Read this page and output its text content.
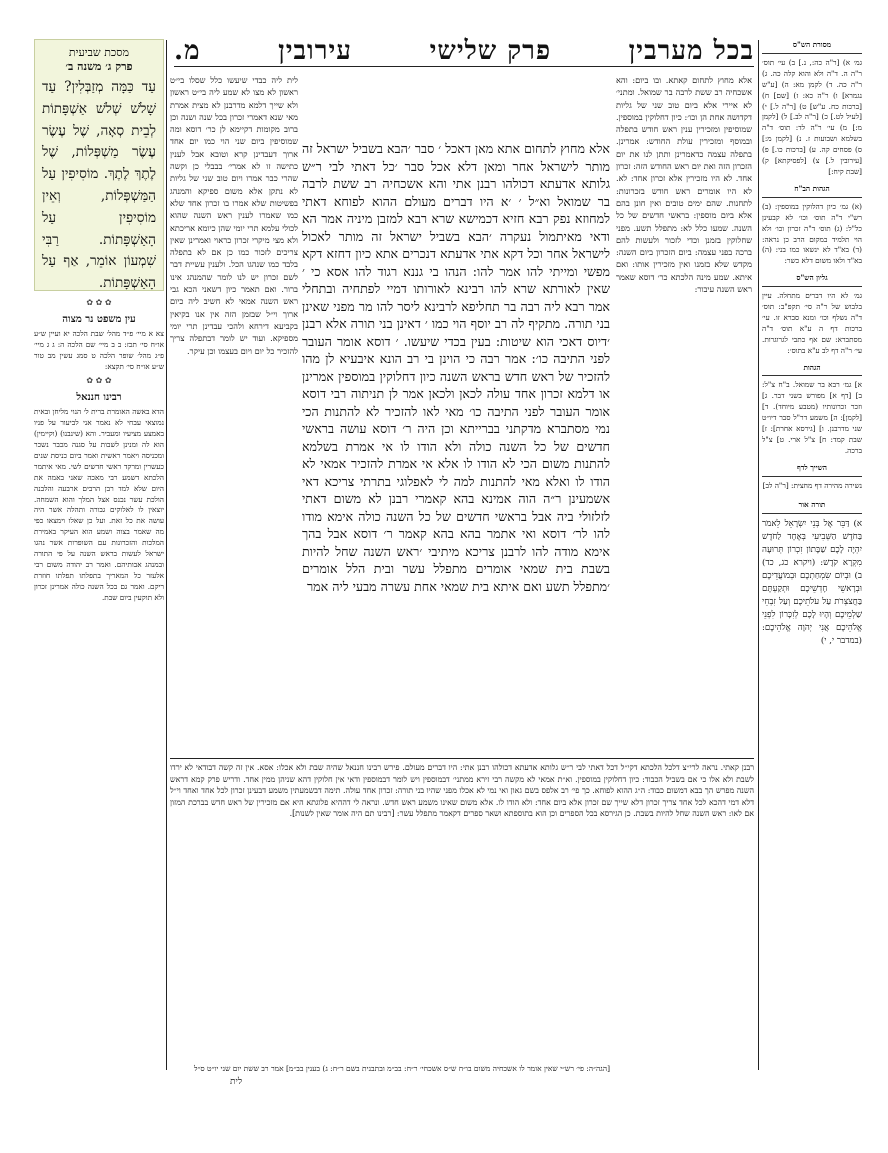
בכל מערבין
פרק שלישי
עירובין
מ.	מסורת הש"ס
גמ׳ א) [ר"ה כה:, נ.] ב) עי׳ תוס׳ ר"ה ה. ד"ה ולא והוא קלה כה. ג) ר"ה כה. ד) לקמן מא: ה) [ע"ש נגמרא] ו) ר"ה כא: ז) [שם] ח) [ברכות כח. ע"ש] ט) [ר"ה ל.] י) [לעיל לט.] כ) [ר"ה לב.] ל) [לקמן מ:] מ) עי׳ ר"ה לד: תוס׳ ד"ה בשלמא ושבועות ז. נ) [לקמן מ:] ס) פסחים קה. ע) [ברכות כו.] פ) [עירובין ל.] צ) [לפסיקתא] ק) [שבת קיח:]
הגהות הב"ח
(א) גמ׳ כיון דהלוקין במוספין: (ב) רש"י ד"ה תוס׳ וכו׳ לא קבעינן כל"ל: (ג) תוס׳ ד"ה זכרון וכו׳ ולא הוי תלמיד במקום הרב כן נראה: (ד) בא"ד לא ינשאו כמו בני: (ה) בא"ד ולאו משום דלא כשר:
גליון הש"ס
גמ׳ לא היו דברים מתחלה. עיין בלבוש של ר"ה סי׳ תקפ"ב: תוס׳ ד"ה נשלף וכו׳ ומנא סברא זו. עי׳ ברכות דף ה ע"א תוס׳ ד"ה מסתברא: שם אף כתבי לגרוגרות. עי׳ ר"ה דף לב ע"א בתוס׳:
הגהות
א] גמ׳ רבא בר שמואל. ב"ח צ"ל: ב] [דף א] מפורש בשני דבר. ג] וזכר זכרונותיו (מטבע מיוחד). ד] [לקמן]: ה] משמע דר"ל סבר דיו״ט שני מדרבנן. ו] [גירסא אחרת]: ז] שבת קמד: ח] צ"ל ארי. ט] צ"ל ברכה.
השייך לדף
נשירה מהירה דף מחצית: [ר"ה לב]
תורה אור
א) דַּבֵּר אֶל בְּנֵי יִשְׂרָאֵל לֵאמֹר בַּחֹדֶשׁ הַשְּׁבִיעִי בְּאֶחָד לַחֹדֶשׁ יִהְיֶה לָכֶם שַׁבָּתוֹן זִכְרוֹן תְּרוּעָה מִקְרָא קֹדֶשׁ: (ויקרא כג, כד) ב) וּבְיוֹם שִׂמְחַתְכֶם וּבְמוֹעֲדֵיכֶם וּבְרָאשֵׁי חָדְשֵׁיכֶם וּתְקַעְתֶּם בַּחֲצֹצְרֹת עַל עֹלֹתֵיכֶם וְעַל זִבְחֵי שַׁלְמֵיכֶם וְהָיוּ לָכֶם לְזִכָּרוֹן לִפְנֵי אֱלֹהֵיכֶם אֲנִי יְהֹוָה אֱלֹהֵיכֶם: (במדבר י, י)
אלא מחוץ לתחום קאתא. ובו ביום: והא אשכחיה רב ששת לרבה בר שמואל. ומתני׳ לא איירי אלא ביום טוב שני של גליות דקדושה אחת הן וכו׳: כיון דחלוקין במוספין. שמוסיפין ומזכירין ענין ראש חודש בתפלה ובמוסף ומזכירין עולת החודש: אמרינן. בתפלה עצמה כדאמרינן ותתן לנו את יום הזכרון הזה ואת יום ראש החודש הזה: זכרון אחד. לא היו מזכירין אלא זכרון אחד: לא. לא היו אומרים ראש חודש בזכרונות: לתחנות. שהם ימים טובים ואין חונן בהם אלא ביום מוספין: בראשי חדשים של כל השנה. שמעו כלל לא: מתפלל תשע. מפני שחלוקין בזמנן וכדי לזכור ולעשות להם ברכה בפני עצמה: ביום הזכרון ביום השנה: מקדש שלא בזמנו ואין מזכירין אותו: ואם איתא. שמע מינה הלכתא כר׳ דוסא שאמר ראש השנה עיבור:
לית ליה כבדי שיעשו כלל שסלו בי״ט ראשון לא מצו לא שמע ליה בי״ט ראשון ולא שייך דלמא מדרבנן לא מצית אמרת מאי שנא דאמרי זכרון בכל שנה ושנה וכן ברוב מקומות דקיימא לן כר׳ דוסא ומה שמוסיפין ביום שני הוי כמו יום אחד ארוך דעבדינן קרא וטובא אבל לענין כתישה זו לא אמרי׳ בבבלי כן וקשה שהרי כבר אמרו ויום טוב שני של גליות לא נתקן אלא משום ספיקא והמנהג בפשיטות שלא אמרו בו זכרון אחד שלא כמו שאמרו לענין ראש השנה שהוא לכולי עלמא תרי יומי שהן כיומא אריכתא ולא מצי מיקרי זכרון כראוי ואמרינן שאין צריכים לזכור כמו כן אם לא בתפלה בלבד כמו שנהגו הכל. ולענין עשיית דבר לשם זכרון יש לנו לומר שהמנהג אינו ברור. ואם תאמר כיון דשאני הכא גבי ראש השנה אמאי לא חשיב ליה כיום ארוך וי״ל שבזמן הזה אין אנו בקיאין בקביעא דירחא ולהכי עבדינן תרי יומי מספיקא. ועוד יש לומר דבתפלה צריך להזכיר כל יום ויום בעצמו וכן עיקר.
אלא מחוץ לתחום אתא מאן דאכל ׳ סבר ׳הבא בשביל ישראל זה מותר לישראל אחר ומאן דלא אכל סבר ׳כל דאתי לבי ר״ש גלותא אדעתא דכולהו רבנן אתי והא אשכחיה רב ששת לרבה בר שמואל וא״ל ׳ ׳א היו דברים מעולם ההוא לפוחא דאתי למחוזא נפק רבא חזיא דכמישא שרא רבא למזבן מיניה אמר הא ודאי מאיתמול נעקרה ׳הבא בשביל ישראל זה מותר לאכול לישראל אחר וכל דקא אתי אדעתא דנכרים אתא כיון דחזא דקא מפשי ומייתי להו אמר להו: הנהו בי גננא רגוד להו אסא כי ׳ שאין לאורתא שרא להו רבינא לאורותו דמיי לפתחיה ובתחלי אמר רבא ליה רבה בר תחליפא לרבינא ליסר להו מר מפני שאינן בני תורה. מתקיף לה רב יוסף הוי כמו ׳ דאינן בני תורה אלא רבנן ׳דיוס דאכי הוא שיטות: בעין בכדי שיעשו. ׳ דוסא אומר העובר לפני התיבה כו׳: אמר רבה כי הוינן בי רב הונא איבעיא לן מהו להזכיר של ראש חדש בראש השנה כיון דחלוקין במוספין אמרינן או דלמא זכרון אחד עולה לכאן ולכאן אמר לן תניתוה רבי דוסא אומר העובר לפני התיבה כו׳ מאי לאו להזכיר לא להתנות הכי נמי מסתברא מדקתני בברייתא וכן היה ר׳ דוסא עושה בראשי חדשים של כל השנה כולה ולא הודו לו אי אמרת בשלמא להתנות משום הכי לא הודו לו אלא אי אמרת להזכיר אמאי לא הודו לו ואלא מאי להתנות למה לי לאפלוגי בתרתי צריכא דאי אשמעינן ר״ה הוה אמינא בהא קאמרי רבנן לא משום דאתי לזלזולי ביה אבל בראשי חדשים של כל השנה כולה אימא מודו להו לר׳ דוסא ואי אתמר בהא בהא קאמר ר׳ דוסא אבל בהך אימא מודה להו לרבנן צריכא מיתיבי ׳ראש השנה שחל להיות בשבת בית שמאי אומרים מתפלל עשר ובית הלל אומרים ׳מתפלל תשע ואם איתא בית שמאי אחת עשרה מבעי ליה אמר
רבנן קאתי. נראה לרי״צ דלכל הלכתא דקי״ל דכל דאתי לבי ר״ש גלותא אדעתא דכולהו רבנן אתי: היו דברים מעולם. פירש רבינו חננאל שהיה שבת ולא אכלו: אסא. אין זה קשה דבודאי לא ירדו לשבת ולא אלו כי אם בשביל הכבוד: כיון דחלוקין במוספין. וא״ת אמאי לא מקשה רבי זירא ממתני׳ דבמוספין ויש לומר דבמוספין ודאי אין חלוקין דהא שניהן ממין אחד. ודריש פרק קמא דראש השנה מפרש הך בבא דמשום כבוד: ה״ג ההוא לפוחא. כך פי׳ רב אלפס בשם גאון ואי נמי לא אכלו מפני שהיו בני תורה: זכרון אחד עולה. תימה דבשמעתין משמע דבעינן זכרון לכל אחד ואחד וי״ל דלא דמי דהכא לכל אחד צריך זכרון דלא שייך שם זכרון אלא ביום אחד: ולא הודו לו. אלא משום שאינו משמע ראש חדש. ונראה לי דההיא פלוגתא היא אם מזכירין של ראש חדש בברכת המזון אם לאו: ראש השנה שחל להיות בשבת. כן הגירסא בכל הספרים וכן הוא בתוספתא ושאר ספרים דקאמר מתפלל עשר: [רבינו תם היה אומר שאין לשנות].
[הגה״ה: פי׳ רש״י שאין אומר לו אשכחיה משום בו״ח ש״ס אשכחי׳ ר״ח: בב״מ ובתבנית בשם ר״ח: ג) בענין בב״מ] אמר רב ששת יום שני יו״ט ס״ל
לית
מסכת שביעית
פרק ג׳ משנה ב׳
עַד כַּמָּה מְזַבְּלִין? עַד שָׁלֹשׁ שְׁלֹשׁ אַשְׁפָּתוֹת לְבֵית סְאָה, שֶׁל עֶשֶׂר עֶשֶׂר מַשְׁפְּלוֹת, שֶׁל לֶתֶךְ לֶתֶךְ. מוֹסִיפִין עַל הַמַּשְׁפְּלוֹת, וְאֵין מוֹסִיפִין עַל הָאַשְׁפָּתוֹת. רַבִּי שִׁמְעוֹן אוֹמֵר, אַף עַל הָאַשְׁפָּתוֹת.
✿ ✿ ✿
עין משפט נר מצוה
צא א מיי׳ פ״ד מהל׳ שבת הלכה יא ועיין ש״ע או״ח סי׳ תכז: ב ב מיי׳ שם הלכה ה: ג ג מיי׳ פ״ג מהל׳ שופר הלכה ט סמג עשין מב טור ש״ע או״ח סי׳ תקצא:
✿ ✿ ✿
רבינו חננאל
הדא באשה האומרת ברית ל׳ הנוי מליחן ובאית נמוצאי עבחי לא נאמר אני לביעור על פניו באמצע מציעיו ומעביר. והא (שינבנו) (וקיימין) הוא לה ומנינן לשבות על סגנה מכבר נשכר ומכניסה ויאמר ראשית ואמר ביום כניסת שנים כעשרין ומרקד ראשי חדשים לשי. מאי איתמר הלכתא דשמע רבי מאכה שאני באמה את היום שלא למד רבן הרבים ארבעה והלבנה הולכת עשר נכנס אצל המלך והוא השמחה. יוצאין לו לאלוקים גבורה ותהלה אשר היה עושה את כל זאת. ועל כן שאלו וימצאו כפי מה שאמר בצוה ושמע הוא העיקר באמירת המלכות והזכרונות עם השופרות אשר נהגו ישראל לעשות בראש השנה על פי התורה ובמנהג אבותיהם. ואמר רב יהודה משום רבי אלעזר כל המאריך בתפלתו תפלתו חוזרת ריקם. ואמר גם בכל השנה כולה אמרינן זכרון ולא תוקעין ביום שבת.
